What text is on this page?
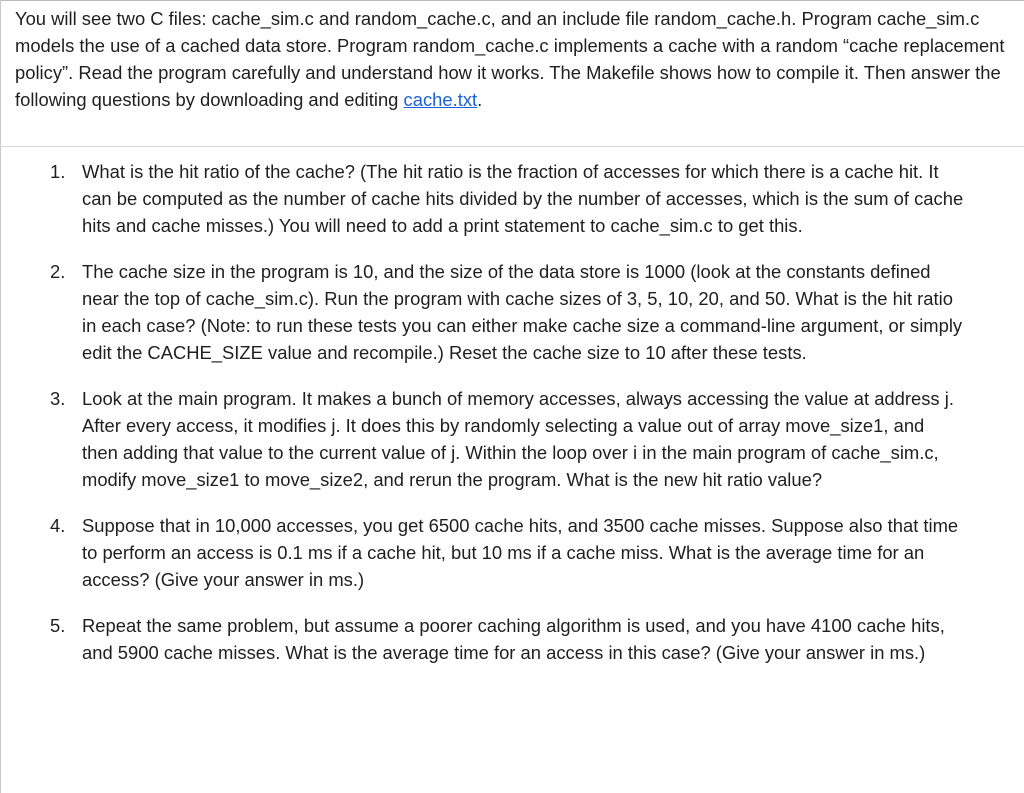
You will see two C files: cache_sim.c and random_cache.c, and an include file random_cache.h. Program cache_sim.c models the use of a cached data store. Program random_cache.c implements a cache with a random “cache replacement policy”. Read the program carefully and understand how it works. The Makefile shows how to compile it. Then answer the following questions by downloading and editing cache.txt.

1. What is the hit ratio of the cache? (The hit ratio is the fraction of accesses for which there is a cache hit. It can be computed as the number of cache hits divided by the number of accesses, which is the sum of cache hits and cache misses.) You will need to add a print statement to cache_sim.c to get this.
2. The cache size in the program is 10, and the size of the data store is 1000 (look at the constants defined near the top of cache_sim.c). Run the program with cache sizes of 3, 5, 10, 20, and 50. What is the hit ratio in each case? (Note: to run these tests you can either make cache size a command-line argument, or simply edit the CACHE_SIZE value and recompile.) Reset the cache size to 10 after these tests.
3. Look at the main program. It makes a bunch of memory accesses, always accessing the value at address j. After every access, it modifies j. It does this by randomly selecting a value out of array move_size1, and then adding that value to the current value of j. Within the loop over i in the main program of cache_sim.c, modify move_size1 to move_size2, and rerun the program. What is the new hit ratio value?
4. Suppose that in 10,000 accesses, you get 6500 cache hits, and 3500 cache misses. Suppose also that time to perform an access is 0.1 ms if a cache hit, but 10 ms if a cache miss. What is the average time for an access? (Give your answer in ms.)
5. Repeat the same problem, but assume a poorer caching algorithm is used, and you have 4100 cache hits, and 5900 cache misses. What is the average time for an access in this case? (Give your answer in ms.)
